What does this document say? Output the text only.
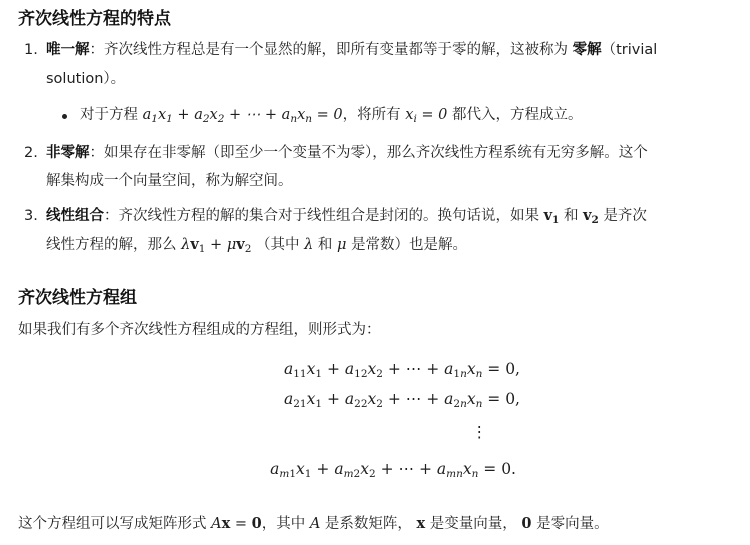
齐次线性方程的特点
1. 唯一解：齐次线性方程总是有一个显然的解，即所有变量都等于零的解，这被称为 零解（trivial
solution）。
对于方程 $a_1x_1 + a_2x_2$ + ⋯ + $a_nx_n = 0$，将所有 $x_i = 0$ 都代入，方程成立。
2. 非零解：如果存在非零解（即至少一个变量不为零），那么齐次线性方程系统有无穷多解。这个
解集构成一个向量空间，称为解空间。
3. 线性组合：齐次线性方程的解的集合对于线性组合是封闭的。换句话说，如果 $v_1$ 和 $v_2$ 是齐次
线性方程的解，那么 $\lambda v_1 + \mu v_2$ （其中 λ 和 μ 是常数）也是解。
齐次线性方程组
如果我们有多个齐次线性方程组成的方程组，则形式为：
$a_{11}x_1 + a_{12}x_2$ + ⋯ + $a_{1n}x_n = 0$,
$a_{21}x_1 + a_{22}x_2$ + ⋯ + $a_{2n}x_n = 0$,
⋮
$a_{m1}x_1 + a_{m2}x_2$ + ⋯ + $a_{mn}x_n = 0$.
这个方程组可以写成矩阵形式 Ax = 0，其中 A 是系数矩阵， x 是变量向量， 0 是零向量。
